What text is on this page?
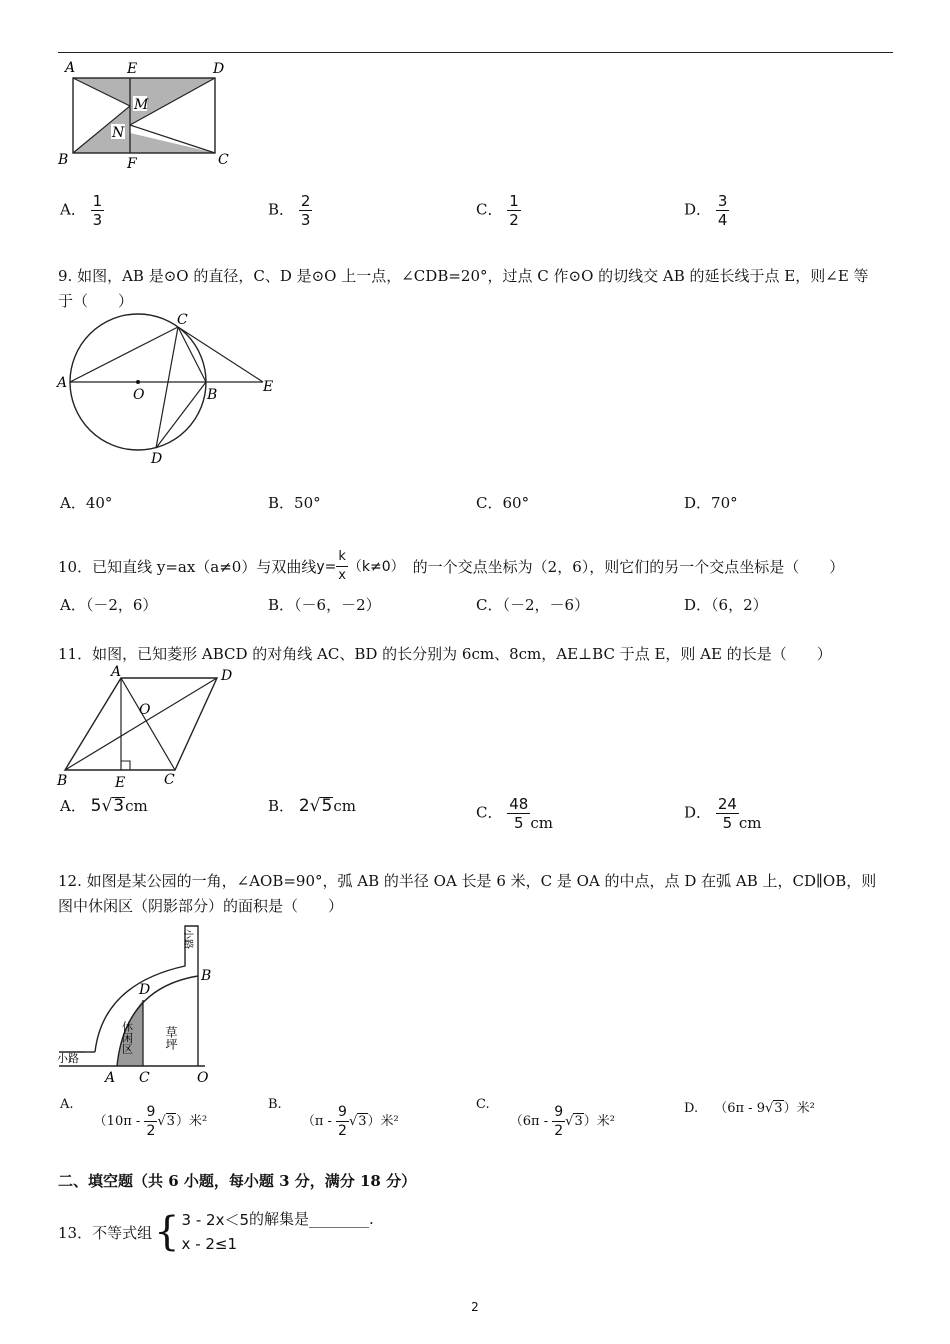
A	E	D
M
N
B	F	C
A． $\frac{1}{3}$	B． $\frac{2}{3}$	C． $\frac{1}{2}$	D． $\frac{3}{4}$
9. 如图，AB 是⊙O 的直径，C、D 是⊙O 上一点，∠CDB=20°，过点 C 作⊙O 的切线交 AB 的延长线于点 E，则∠E 等
于（　　）
A
O	B	E
C
D
A．40°	B．50°	C．60°	D．70°
10．已知直线 y=ax（a≠0）与双曲线 $y= \frac{k}{x} (k\ne 0)$ 的一个交点坐标为（2，6），则它们的另一个交点坐标是（　　）
A．（－2，6）	B．（－6，－2）	C．（－2，－6）	D．（6，2）
11．如图，已知菱形 ABCD 的对角线 AC、BD 的长分别为 6cm、8cm，AE⊥BC 于点 E，则 AE 的长是（　　）
A	D
O
B	E	C
A． 5√3cm	B． 2√5cm	C． $\frac{48}{5}$ cm
D． $\frac{24}{5}$ cm
12. 如图是某公园的一角，∠AOB=90°，弧 AB 的半径 OA 长是 6 米，C 是 OA 的中点，点 D 在弧 AB 上，CD∥OB，则
图中休闲区（阴影部分）的面积是（　　）
小路
小路
B
D
休闲区	草坪
A C	O
A. $(10\pi - \frac{9}{2} √3)$米²
B. $(\pi - \frac{9}{2} √3)$米²
C. $(6\pi - \frac{9}{2} √3)$米²
D. （6π - 9√3）米²
二、填空题（共 6 小题，每小题 3 分，满分 18 分）
13．不等式组 { 3 - 2x＜5
x - 2≤1
的解集是________.
2
